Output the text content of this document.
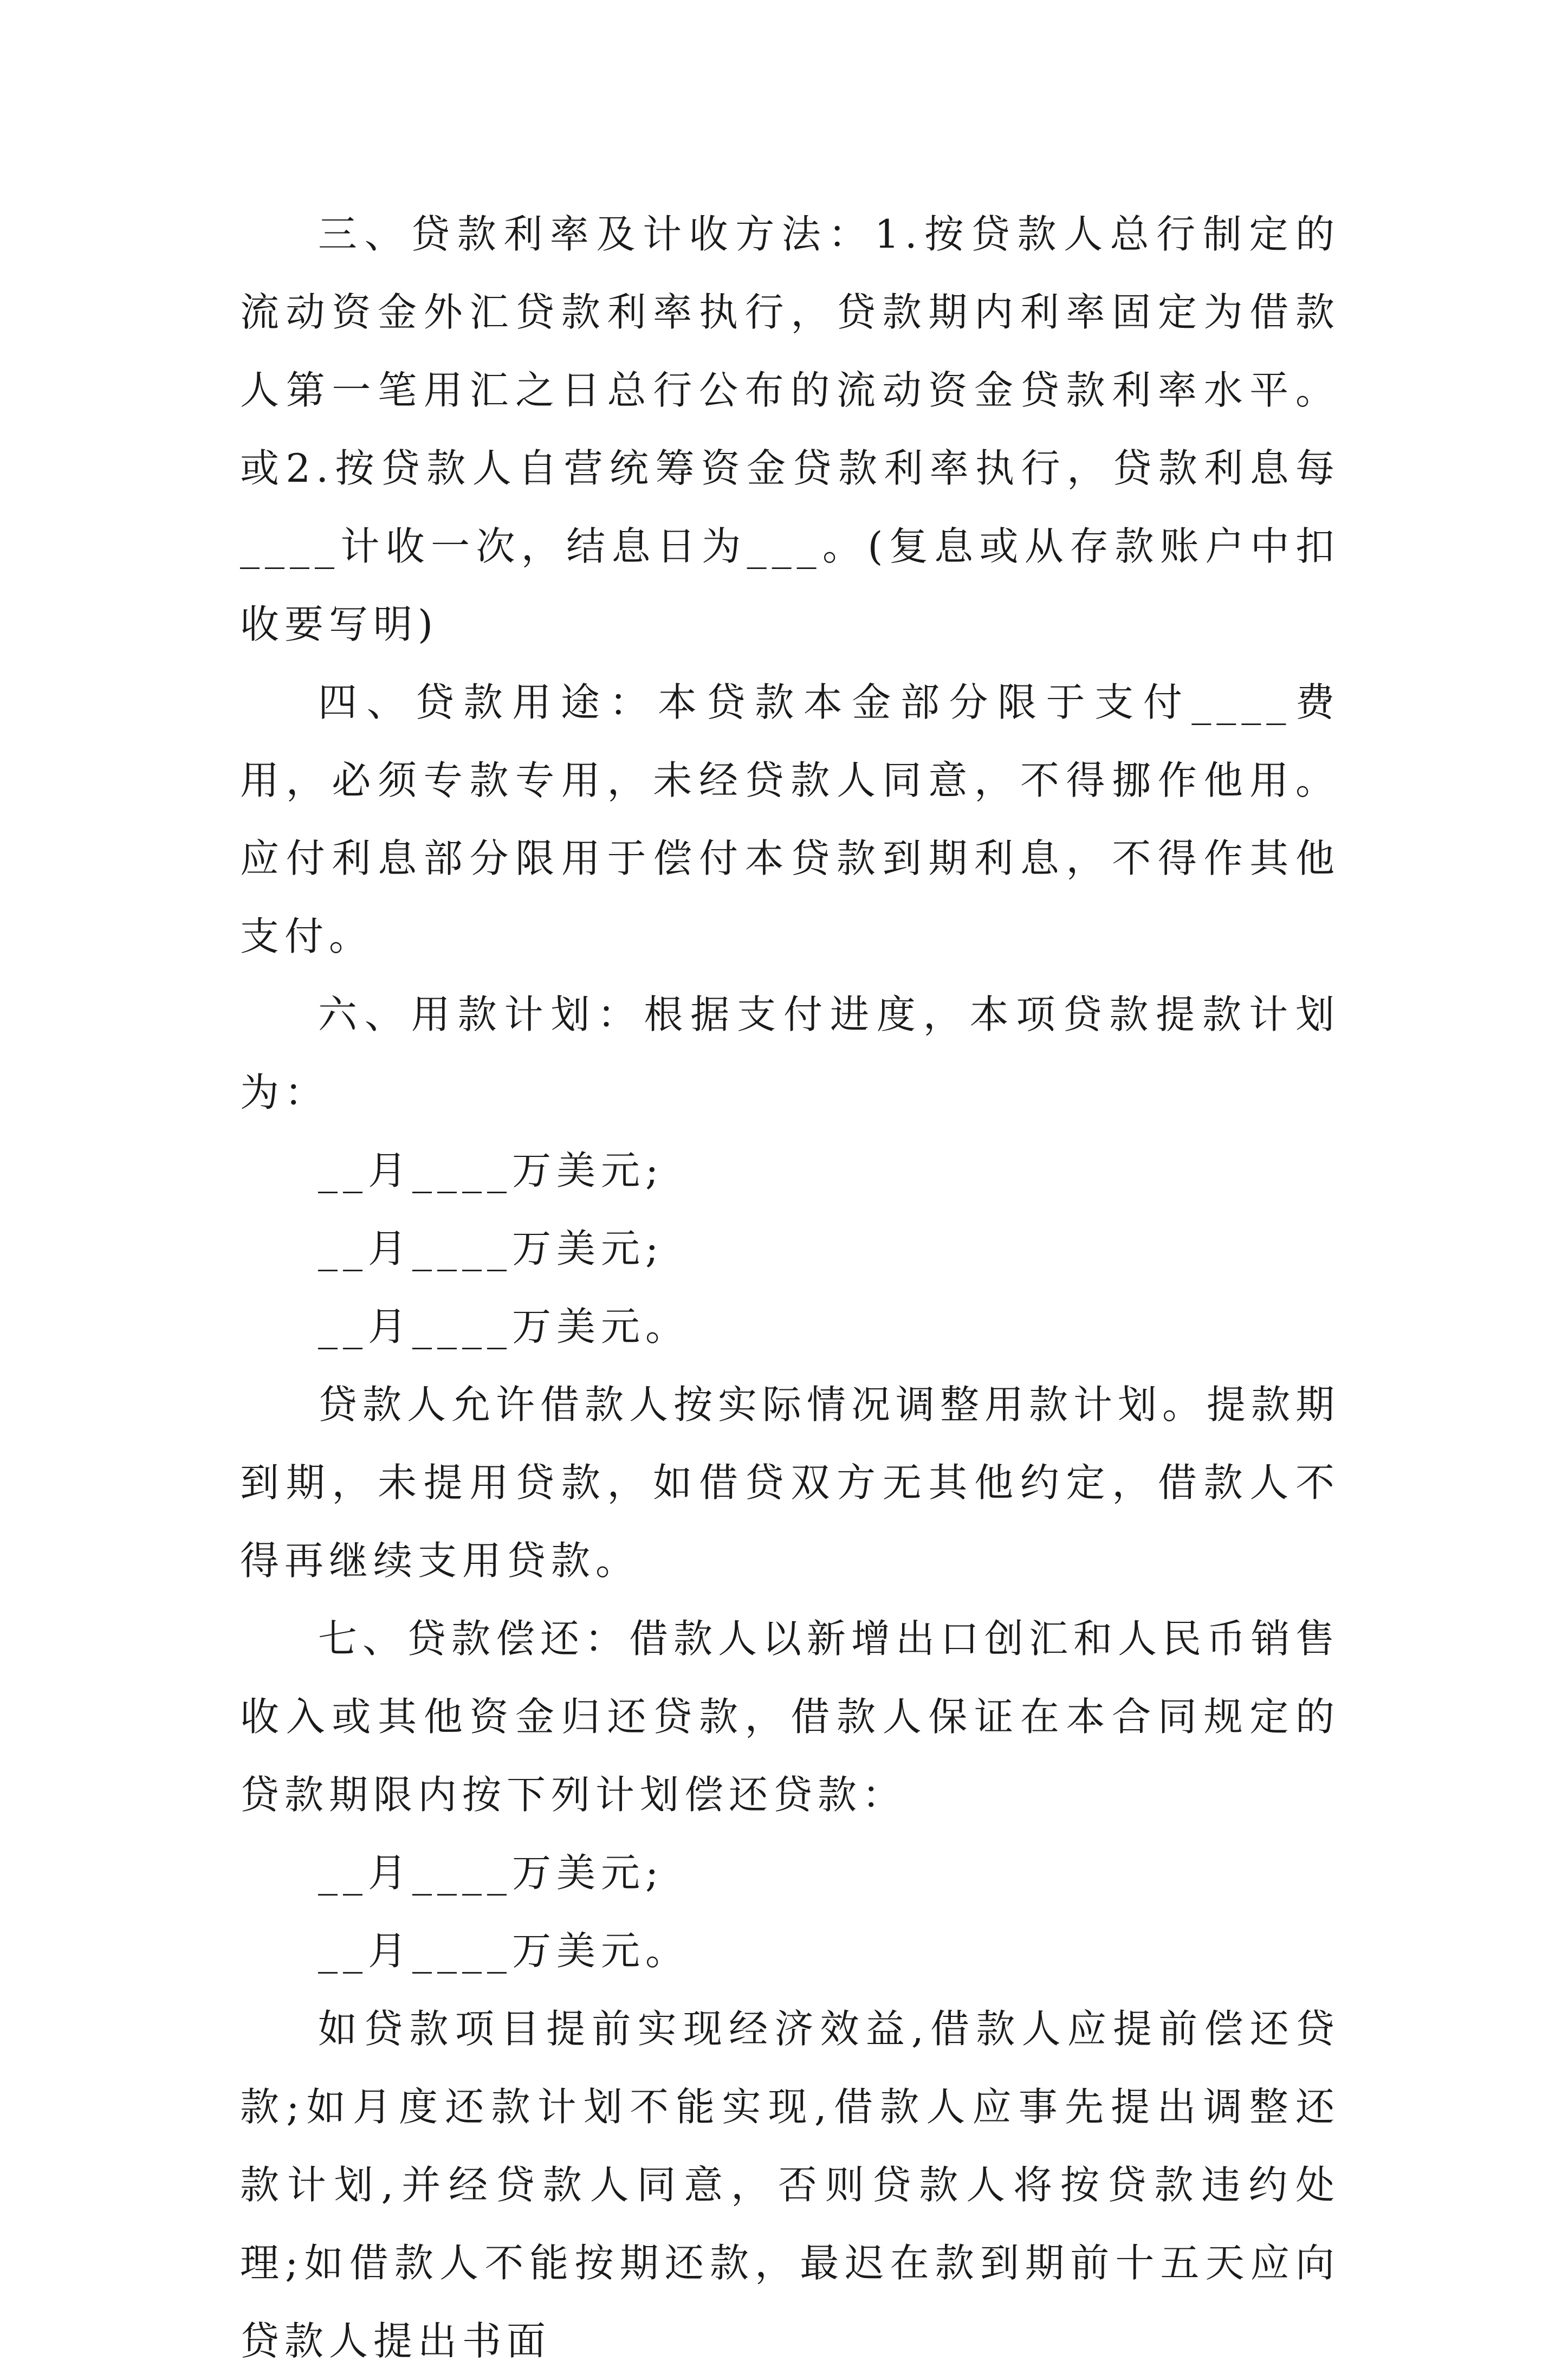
三、贷款利率及计收方法：1.按贷款人总行制定的流动资金外汇贷款利率执行，贷款期内利率固定为借款人第一笔用汇之日总行公布的流动资金贷款利率水平。或2.按贷款人自营统筹资金贷款利率执行，贷款利息每____计收一次，结息日为___。(复息或从存款账户中扣收要写明)

四、贷款用途：本贷款本金部分限于支付____费用，必须专款专用，未经贷款人同意，不得挪作他用。应付利息部分限用于偿付本贷款到期利息，不得作其他支付。

六、用款计划：根据支付进度，本项贷款提款计划为：

__月____万美元;

__月____万美元;

__月____万美元。

贷款人允许借款人按实际情况调整用款计划。提款期到期，未提用贷款，如借贷双方无其他约定，借款人不得再继续支用贷款。

七、贷款偿还：借款人以新增出口创汇和人民币销售收入或其他资金归还贷款，借款人保证在本合同规定的贷款期限内按下列计划偿还贷款：

__月____万美元;

__月____万美元。

如贷款项目提前实现经济效益,借款人应提前偿还贷款;如月度还款计划不能实现,借款人应事先提出调整还款计划,并经贷款人同意，否则贷款人将按贷款违约处理;如借款人不能按期还款，最迟在款到期前十五天应向贷款人提出书面
